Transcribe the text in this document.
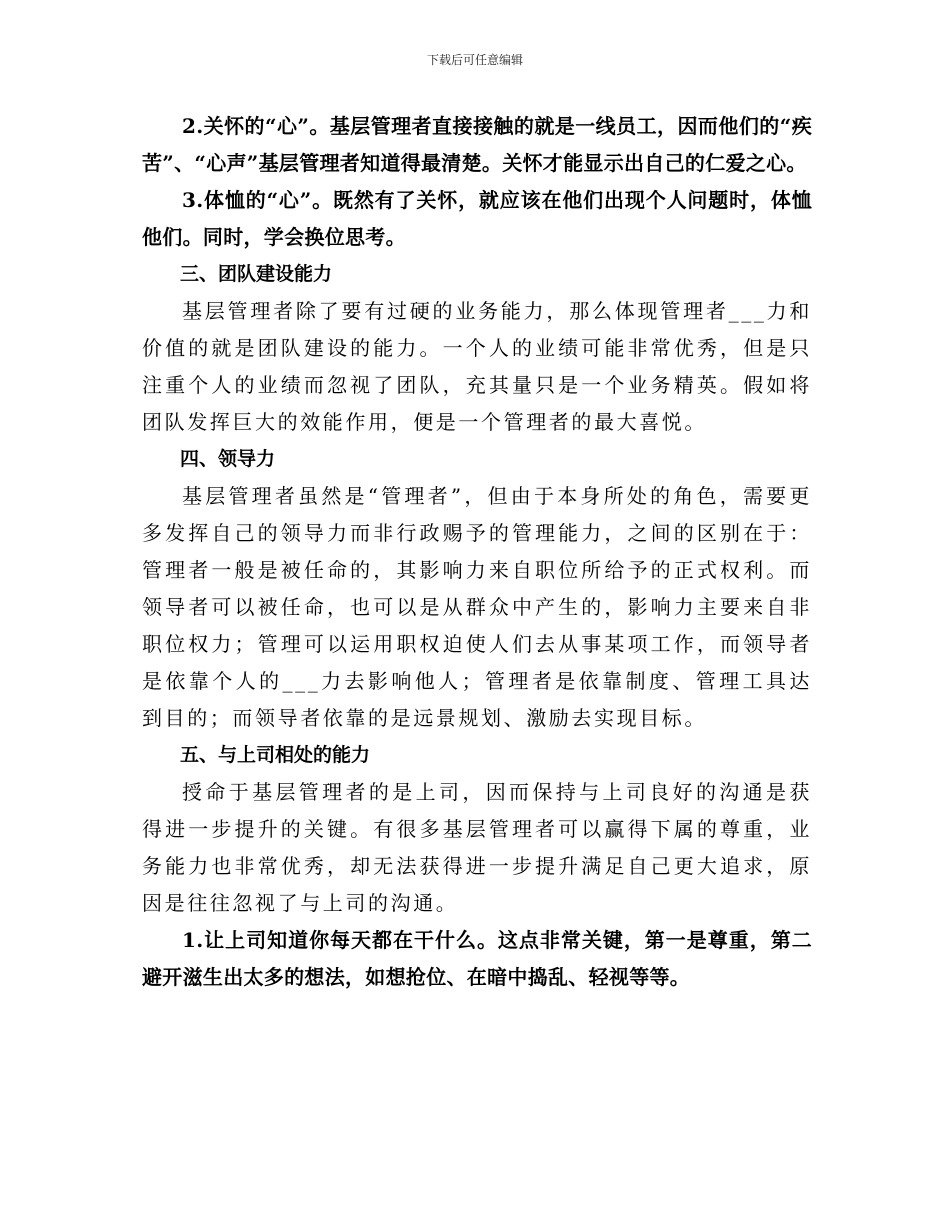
下载后可任意编辑

2.关怀的“心”。基层管理者直接接触的就是一线员工，因而他们的“疾苦”、“心声”基层管理者知道得最清楚。关怀才能显示出自己的仁爱之心。

3.体恤的“心”。既然有了关怀，就应该在他们出现个人问题时，体恤他们。同时，学会换位思考。

三、团队建设能力

基层管理者除了要有过硬的业务能力，那么体现管理者___力和价值的就是团队建设的能力。一个人的业绩可能非常优秀，但是只注重个人的业绩而忽视了团队，充其量只是一个业务精英。假如将团队发挥巨大的效能作用，便是一个管理者的最大喜悦。

四、领导力

基层管理者虽然是“管理者”，但由于本身所处的角色，需要更多发挥自己的领导力而非行政赐予的管理能力，之间的区别在于：管理者一般是被任命的，其影响力来自职位所给予的正式权利。而领导者可以被任命，也可以是从群众中产生的，影响力主要来自非职位权力；管理可以运用职权迫使人们去从事某项工作，而领导者是依靠个人的___力去影响他人；管理者是依靠制度、管理工具达到目的；而领导者依靠的是远景规划、激励去实现目标。

五、与上司相处的能力

授命于基层管理者的是上司，因而保持与上司良好的沟通是获得进一步提升的关键。有很多基层管理者可以赢得下属的尊重，业务能力也非常优秀，却无法获得进一步提升满足自己更大追求，原因是往往忽视了与上司的沟通。

1.让上司知道你每天都在干什么。这点非常关键，第一是尊重，第二避开滋生出太多的想法，如想抢位、在暗中捣乱、轻视等等。
